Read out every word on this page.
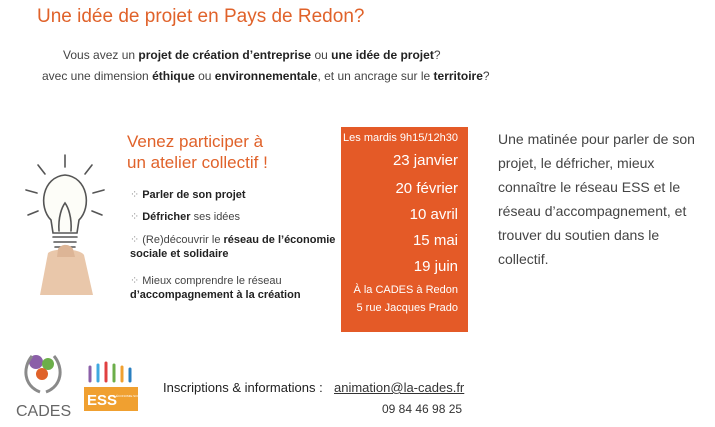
Une idée de projet en Pays de Redon?
Vous avez un projet de création d’entreprise ou une idée de projet?
avec une dimension éthique ou environnementale, et un ancrage sur le territoire?
Venez participer à
un atelier collectif !
⁘ Parler de son projet
⁘ Défricher ses idées
⁘ (Re)découvrir le réseau de l’économie
sociale et solidaire
⁘ Mieux comprendre le réseau
d’accompagnement à la création
Les mardis 9h15/12h30
23 janvier
20 février
10 avril
15 mai
19 juin
À la CADES à Redon
5 rue Jacques Prado
Une matinée pour parler de son projet, le défricher, mieux connaître le réseau ESS et le réseau d’accompagnement, et trouver du soutien dans le collectif.
CADES
ESS
ÉCONOMIE SOCIALE & SOLIDAIRE
Inscriptions & informations : animation@la-cades.fr
09 84 46 98 25
